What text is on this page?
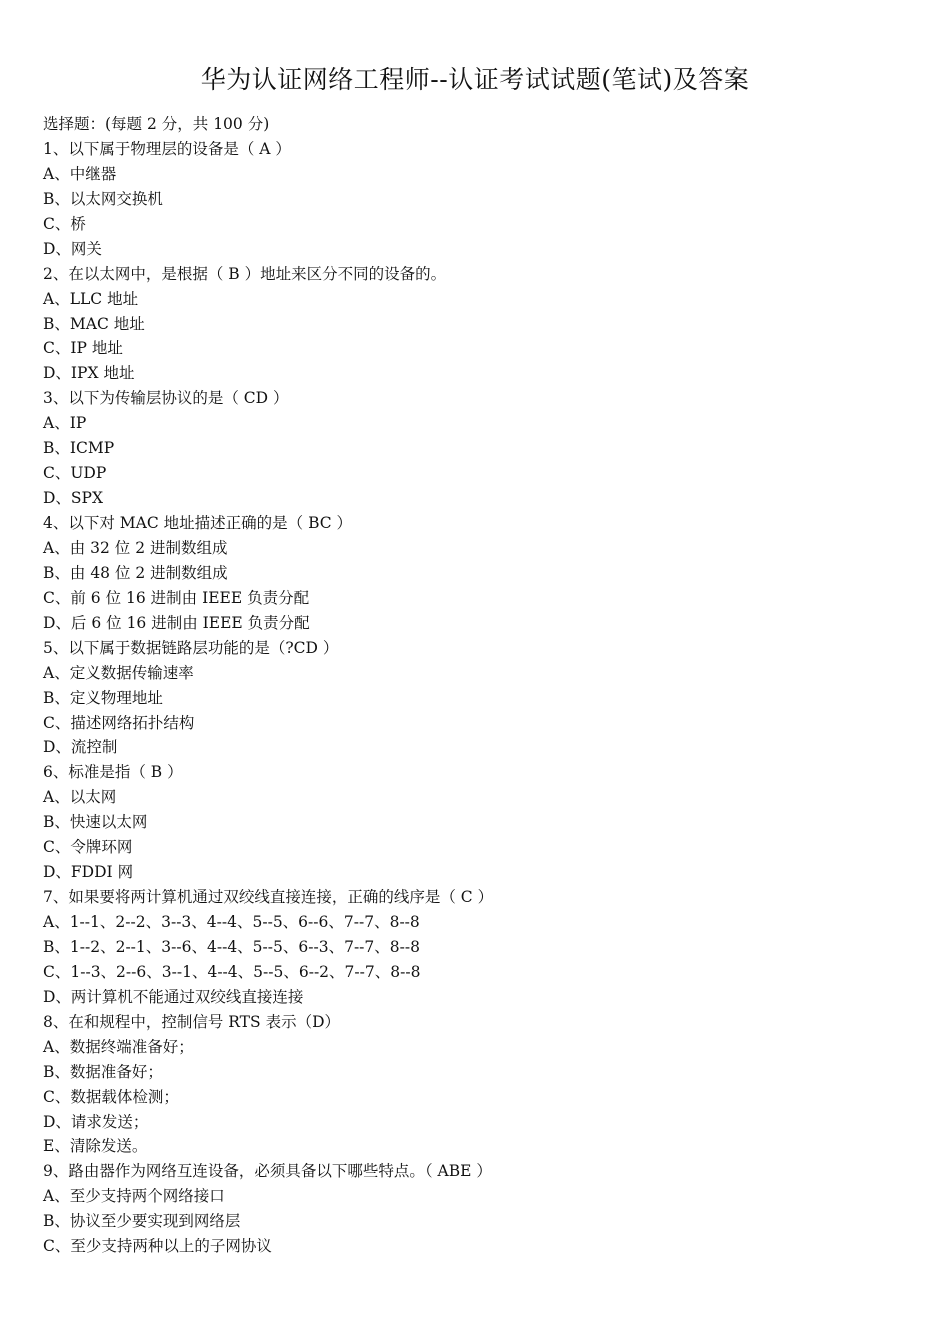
华为认证网络工程师--认证考试试题(笔试)及答案
选择题：(每题 2 分，共 100 分)
1、以下属于物理层的设备是（ A ）
A、中继器
B、以太网交换机
C、桥
D、网关
2、在以太网中，是根据（ B ）地址来区分不同的设备的。
A、LLC 地址
B、MAC 地址
C、IP 地址
D、IPX 地址
3、以下为传输层协议的是（ CD ）
A、IP
B、ICMP
C、UDP
D、SPX
4、以下对 MAC 地址描述正确的是（ BC ）
A、由 32 位 2 进制数组成
B、由 48 位 2 进制数组成
C、前 6 位 16 进制由 IEEE 负责分配
D、后 6 位 16 进制由 IEEE 负责分配
5、以下属于数据链路层功能的是（?CD ）
A、定义数据传输速率
B、定义物理地址
C、描述网络拓扑结构
D、流控制
6、标准是指（ B ）
A、以太网
B、快速以太网
C、令牌环网
D、FDDI 网
7、如果要将两计算机通过双绞线直接连接，正确的线序是（ C ）
A、1--1、2--2、3--3、4--4、5--5、6--6、7--7、8--8
B、1--2、2--1、3--6、4--4、5--5、6--3、7--7、8--8
C、1--3、2--6、3--1、4--4、5--5、6--2、7--7、8--8
D、两计算机不能通过双绞线直接连接
8、在和规程中，控制信号 RTS 表示（D）
A、数据终端准备好；
B、数据准备好；
C、数据载体检测；
D、请求发送；
E、清除发送。
9、路由器作为网络互连设备，必须具备以下哪些特点。（ ABE ）
A、至少支持两个网络接口
B、协议至少要实现到网络层
C、至少支持两种以上的子网协议
